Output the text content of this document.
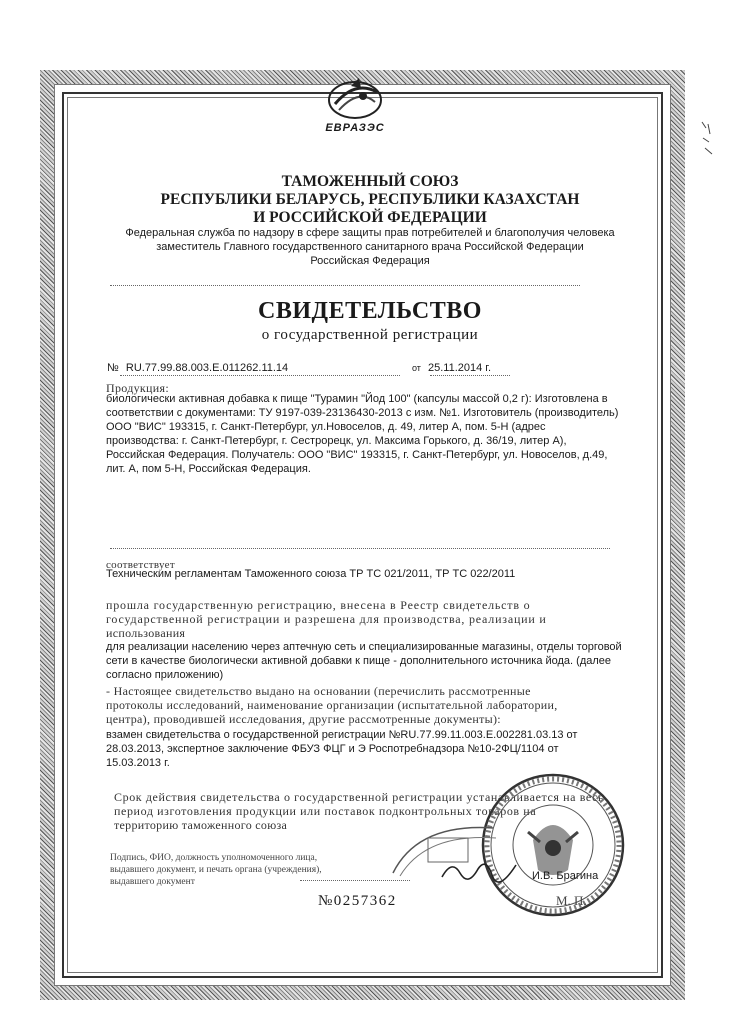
ЕВРАЗЭС
ТАМОЖЕННЫЙ СОЮЗ
РЕСПУБЛИКИ БЕЛАРУСЬ, РЕСПУБЛИКИ КАЗАХСТАН
И РОССИЙСКОЙ ФЕДЕРАЦИИ
Федеральная служба по надзору в сфере защиты прав потребителей и благополучия человека
заместитель Главного государственного санитарного врача Российской Федерации
Российская Федерация
СВИДЕТЕЛЬСТВО
о государственной регистрации
№ RU.77.99.88.003.E.011262.11.14	от 25.11.2014 г.
Продукция:
биологически активная добавка к пище "Турамин "Йод 100" (капсулы массой 0,2 г): Изготовлена в
соответствии с документами: ТУ 9197-039-23136430-2013 с изм. №1. Изготовитель (производитель)
ООО "ВИС" 193315, г. Санкт-Петербург, ул.Новоселов, д. 49, литер А, пом. 5-Н (адрес
производства: г. Санкт-Петербург, г. Сестрорецк, ул. Максима Горького, д. 36/19, литер А),
Российская Федерация. Получатель: ООО "ВИС" 193315, г. Санкт-Петербург, ул. Новоселов, д.49,
лит. А, пом 5-Н, Российская Федерация.
соответствует
Техническим регламентам Таможенного союза ТР ТС 021/2011, ТР ТС 022/2011
прошла государственную регистрацию, внесена в Реестр свидетельств о
государственной регистрации и разрешена для производства, реализации и
использования
для реализации населению через аптечную сеть и специализированные магазины, отделы торговой
сети в качестве биологически активной добавки к пище - дополнительного источника йода. (далее
согласно приложению)
- Настоящее свидетельство выдано на основании (перечислить рассмотренные
протоколы исследований, наименование организации (испытательной лаборатории,
центра), проводившей исследования, другие рассмотренные документы):
взамен свидетельства о государственной регистрации №RU.77.99.11.003.E.002281.03.13 от
28.03.2013, экспертное заключение ФБУЗ ФЦГ и Э Роспотребнадзора №10-2ФЦ/1104 от
15.03.2013 г.
Срок действия свидетельства о государственной регистрации устанавливается на весь
период изготовления продукции или поставок подконтрольных товаров на
территорию таможенного союза
Подпись, ФИО, должность уполномоченного лица,
выдавшего документ, и печать органа (учреждения),
выдавшего документ	И.В. Брагина
№0257362	М. П.
